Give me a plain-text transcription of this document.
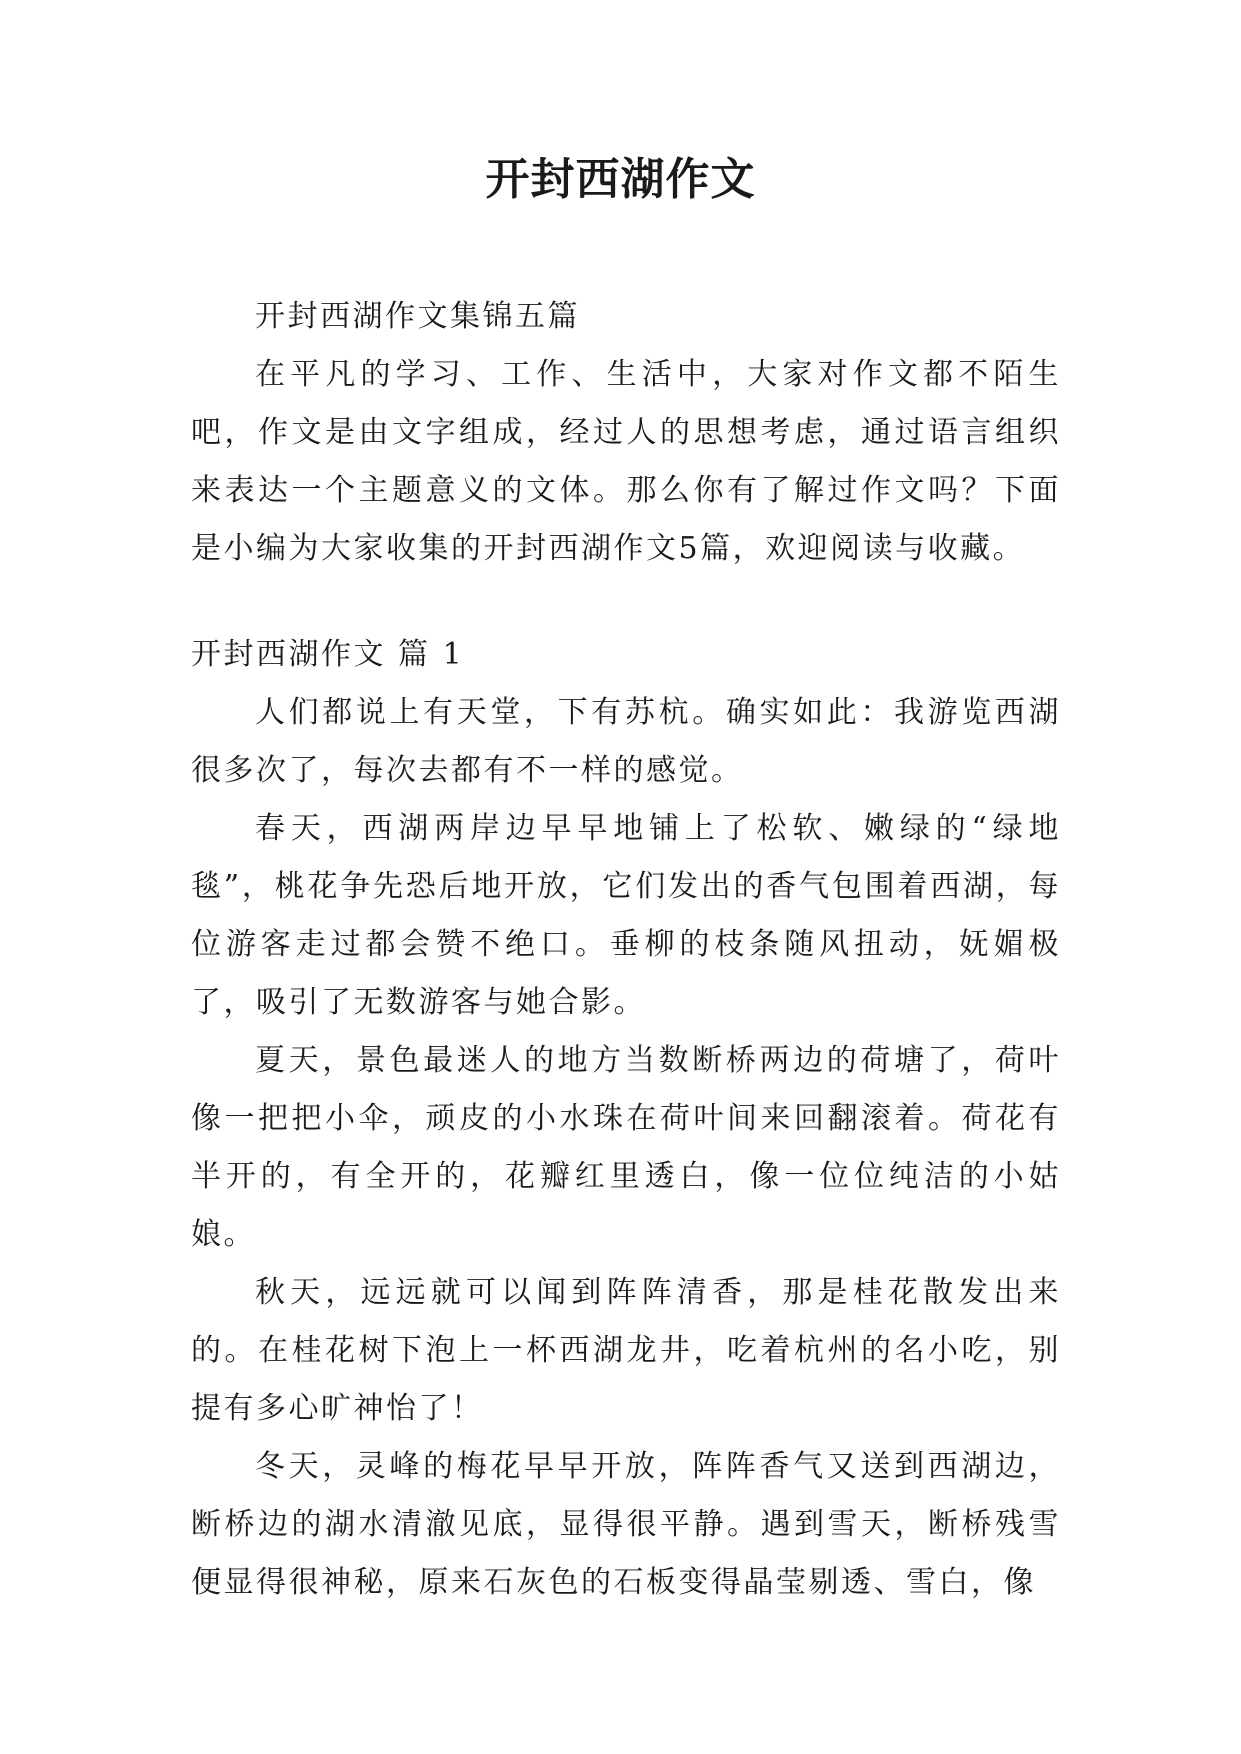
开封西湖作文

开封西湖作文集锦五篇

在平凡的学习、工作、生活中，大家对作文都不陌生吧，作文是由文字组成，经过人的思想考虑，通过语言组织来表达一个主题意义的文体。那么你有了解过作文吗？下面是小编为大家收集的开封西湖作文5篇，欢迎阅读与收藏。

开封西湖作文 篇 1

人们都说上有天堂，下有苏杭。确实如此：我游览西湖很多次了，每次去都有不一样的感觉。

春天，西湖两岸边早早地铺上了松软、嫩绿的“绿地毯”，桃花争先恐后地开放，它们发出的香气包围着西湖，每位游客走过都会赞不绝口。垂柳的枝条随风扭动，妩媚极了，吸引了无数游客与她合影。

夏天，景色最迷人的地方当数断桥两边的荷塘了，荷叶像一把把小伞，顽皮的小水珠在荷叶间来回翻滚着。荷花有半开的，有全开的，花瓣红里透白，像一位位纯洁的小姑娘。

秋天，远远就可以闻到阵阵清香，那是桂花散发出来的。在桂花树下泡上一杯西湖龙井，吃着杭州的名小吃，别提有多心旷神怡了！

冬天，灵峰的梅花早早开放，阵阵香气又送到西湖边，断桥边的湖水清澈见底，显得很平静。遇到雪天，断桥残雪便显得很神秘，原来石灰色的石板变得晶莹剔透、雪白，像
